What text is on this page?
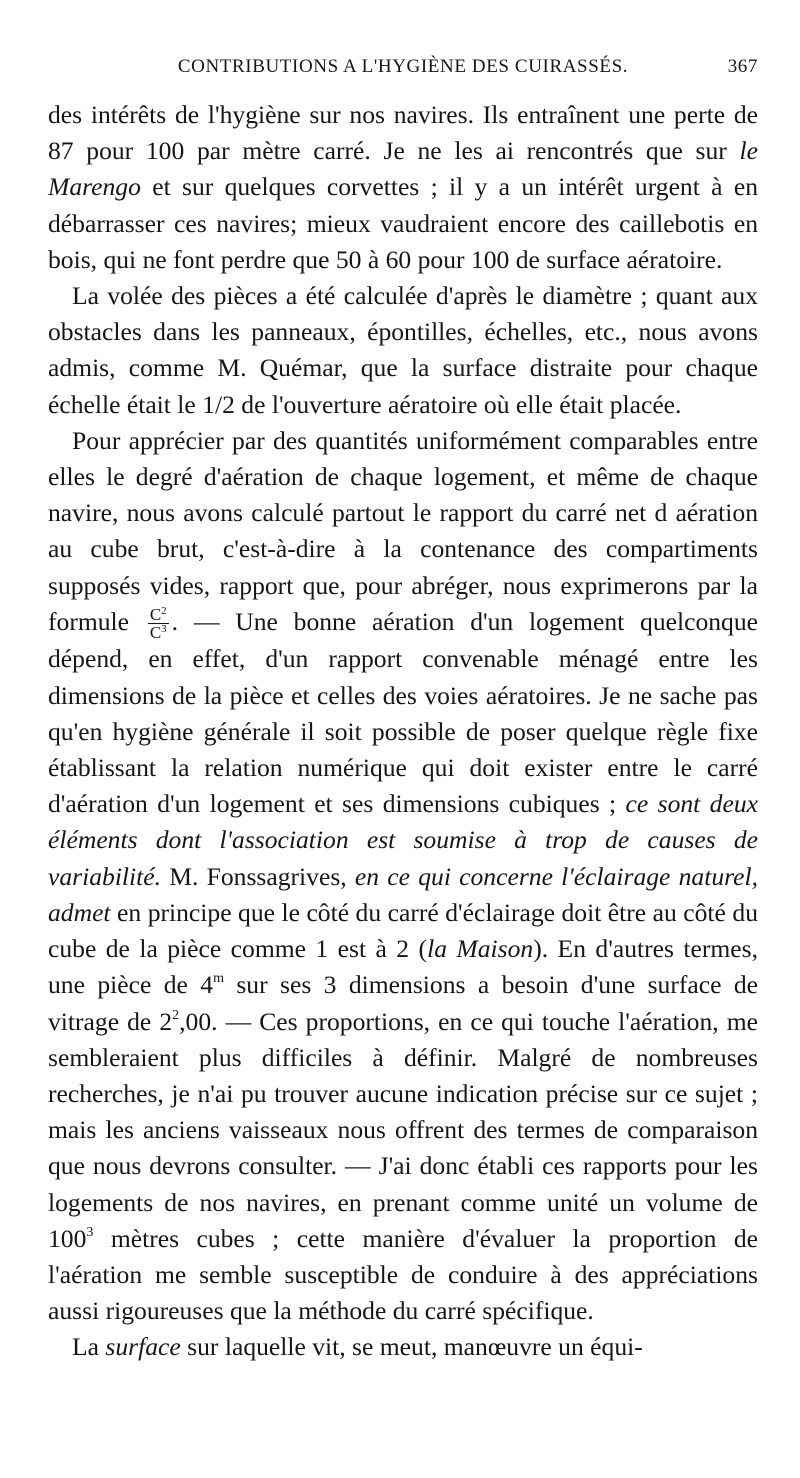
CONTRIBUTIONS A L'HYGIÈNE DES CUIRASSÉS.	367

des intérêts de l'hygiène sur nos navires. Ils entraînent une perte de 87 pour 100 par mètre carré. Je ne les ai rencontrés que sur le Marengo et sur quelques corvettes ; il y a un intérêt urgent à en débarrasser ces navires; mieux vaudraient encore des caillebotis en bois, qui ne font perdre que 50 à 60 pour 100 de surface aératoire.

La volée des pièces a été calculée d'après le diamètre ; quant aux obstacles dans les panneaux, épontilles, échelles, etc., nous avons admis, comme M. Quémar, que la surface distraite pour chaque échelle était le 1/2 de l'ouverture aératoire où elle était placée.

Pour apprécier par des quantités uniformément comparables entre elles le degré d'aération de chaque logement, et même de chaque navire, nous avons calculé partout le rapport du carré net d aération au cube brut, c'est-à-dire à la contenance des compartiments supposés vides, rapport que, pour abréger, nous exprimerons par la formule $\frac{C^2}{C^3}$ . — Une bonne aération d'un logement quelconque dépend, en effet, d'un rapport convenable ménagé entre les dimensions de la pièce et celles des voies aératoires. Je ne sache pas qu'en hygiène générale il soit possible de poser quelque règle fixe établissant la relation numérique qui doit exister entre le carré d'aération d'un logement et ses dimensions cubiques ; ce sont deux éléments dont l'association est soumise à trop de causes de variabilité. M. Fonssagrives, en ce qui concerne l'éclairage naturel, admet en principe que le côté du carré d'éclairage doit être au côté du cube de la pièce comme 1 est à 2 (la Maison). En d'autres termes, une pièce de 4$^m$ sur ses 3 dimensions a besoin d'une surface de vitrage de $2^2,00$. — Ces proportions, en ce qui touche l'aération, me sembleraient plus difficiles à définir. Malgré de nombreuses recherches, je n'ai pu trouver aucune indication précise sur ce sujet ; mais les anciens vaisseaux nous offrent des termes de comparaison que nous devrons consulter. — J'ai donc établi ces rapports pour les logements de nos navires, en prenant comme unité un volume de $100^3$ mètres cubes ; cette manière d'évaluer la proportion de l'aération me semble susceptible de conduire à des appréciations aussi rigoureuses que la méthode du carré spécifique.

La surface sur laquelle vit, se meut, manœuvre un équi-
